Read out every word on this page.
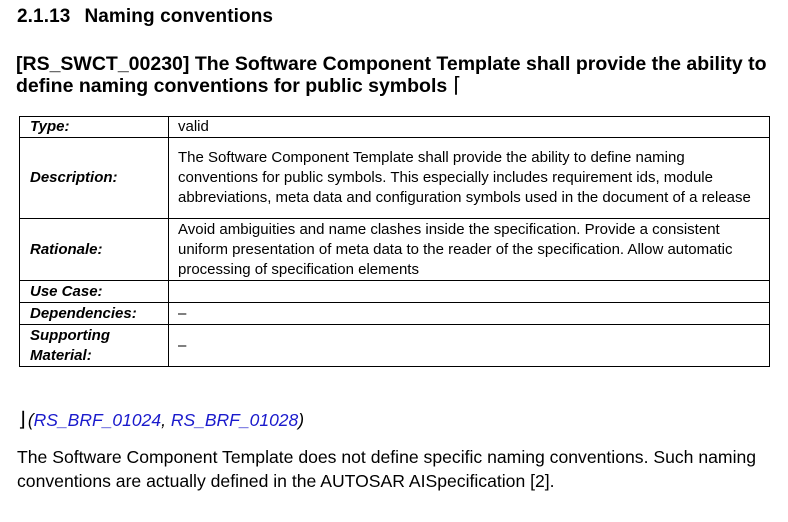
2.1.13 Naming conventions
[RS_SWCT_00230] The Software Component Template shall provide the ability to define naming conventions for public symbols ⌈
Type:	valid
Description:	The Software Component Template shall provide the ability to define naming conventions for public symbols. This especially includes requirement ids, module abbreviations, meta data and configuration symbols used in the document of a release
Rationale:	Avoid ambiguities and name clashes inside the specification. Provide a consistent uniform presentation of meta data to the reader of the specification. Allow automatic processing of specification elements
Use Case:	
Dependencies:	–
Supporting Material:	–
⌋ (RS_BRF_01024, RS_BRF_01028)
The Software Component Template does not define specific naming conventions. Such naming conventions are actually defined in the AUTOSAR AISpecification [2].
